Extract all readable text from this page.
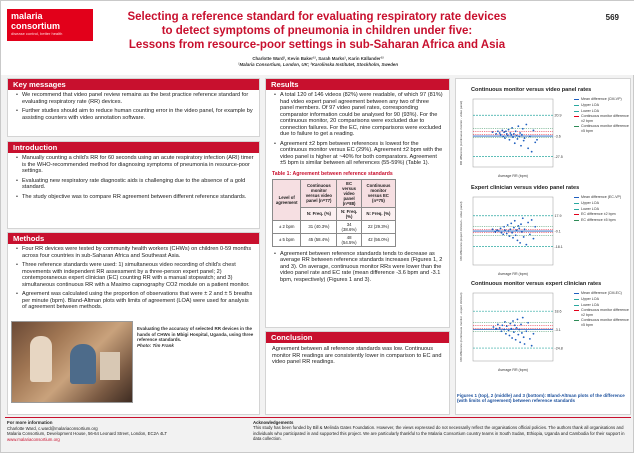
malaria
consortium
disease control, better health
Selecting a reference standard for evaluating respiratory rate devices
to detect symptoms of pneumonia in children under five:
Lessons from resource-poor settings in sub-Saharan Africa and Asia
569
Charlotte Ward¹, Kevin Baker¹², Sarah Marks¹, Karin Källander¹²
¹Malaria Consortium, London, UK; ²Karolinska Institutet, Stockholm, Sweden
Key messages
• We recommend that video panel review remains as the best practice reference standard for evaluating respiratory rate (RR) devices.
• Further studies should aim to reduce human counting error in the video panel, for example by assisting counters with video annotation software.
Introduction
• Manually counting a child's RR for 60 seconds using an acute respiratory infection (ARI) timer is the WHO-recommended method for diagnosing symptoms of pneumonia in resource-poor settings.
• Evaluating new respiratory rate diagnostic aids is challenging due to the absence of a gold standard.
• The study objective was to compare RR agreement between different reference standards.
Methods
• Four RR devices were tested by community health workers (CHWs) on children 0-59 months across four countries in sub-Saharan Africa and Southeast Asia.
• Three reference standards were used: 1) simultaneous video recording of child's chest movements with independent RR assessment by a three-person expert panel; 2) contemporaneous expert clinician (EC) counting RR with a manual stopwatch; and 3) simultaneous continuous RR with a Masimo capnography CO2 module on a patient monitor.
• Agreement was calculated using the proportion of observations that were ± 2 and ± 5 breaths per minute (bpm). Bland-Altman plots with limits of agreement (LOA) were used for analysis of agreement between methods.
Evaluating the accuracy of selected RR devices in the hands of CHWs in Mbigi Hospital, Uganda, using three reference standards.
Photo: Tim Frank
Results
• A total 120 of 146 videos (82%) were readable, of which 97 (81%) had video expert panel agreement between any two of three panel members. Of 97 video panel rates, corresponding comparator information could be analysed for 90 (93%). For the continuous monitor, 20 comparisons were excluded due to connection failures. For the EC, nine comparisons were excluded due to failure to get a reading.
• Agreement ±2 bpm between references is lowest for the continuous monitor versus EC (29%). Agreement ±2 bpm with the video panel is higher at ~40% for both comparators. Agreement ±5 bpm is similar between all references (55-59%) (Table 1).
Table 1: Agreement between reference standards
Level of agreement	Continuous monitor versus video panel (n=77)	EC versus video panel (n=88)	Continuous monitor versus EC (n=75)
	N: Freq. (%)	N: Freq. (%)	N: Freq. (%)
± 2 bpm	31 (40.3%)	34 (38.6%)	22 (29.3%)
± 5 bpm	45 (58.4%)	48 (54.5%)	42 (56.0%)
• Agreement between reference standards tends to decrease as average RR between reference standards increases (Figures 1, 2 and 3). On average, continuous monitor RRs were lower than the video panel rate and EC rate (mean difference -3.6 bpm and -3.1 bpm, respectively) (Figures 1 and 3).
Conclusion

Agreement between all reference standards was low. Continuous monitor RR readings are consistently lower in comparison to EC and video panel RR readings.

Continuous monitor versus video panel rates
20.9
-3.6
-27.5
Average RR (bpm)
RR difference (continuous monitor - video panel)
Mean difference (CM-VP)
Upper LOA
Lower LOA
Continuous monitor difference ±2 bpm
Continuous monitor difference ±5 bpm
Expert clinician versus video panel rates
17.9
-0.1
-18.1
Average RR (bpm)
RR difference (expert clinician - video panel)
Mean difference (EC-VP)
Upper LOA
Lower LOA
EC difference ±2 bpm
EC difference ±5 bpm
Continuous monitor versus expert clinician rates
18.6
-3.1
-24.8
Average RR (bpm)
RR difference (continuous monitor - expert clinician)	Mean difference (CM-EC)
Upper LOA
Lower LOA
Continuous monitor difference ±2 bpm
Continuous monitor difference ±5 bpm
Figures 1 (top), 2 (middle) and 3 (bottom): Bland-Altman plots of the difference (with limits of agreement) between reference standards
For more information
Charlotte Ward, c.ward@malariaconsortium.org
Malaria Consortium, Development House, 56-64 Leonard Street, London, EC2A 4LT
www.malariaconsortium.org
Acknowledgements
This study has been funded by Bill & Melinda Gates Foundation. However, the views expressed do not necessarily reflect the organisations official policies. The authors thank all organisations and individuals who participated in and supported this project. We are particularly thankful to the Malaria Consortium country teams in South Sudan, Ethiopia, Uganda and Cambodia for their support in data collection.
